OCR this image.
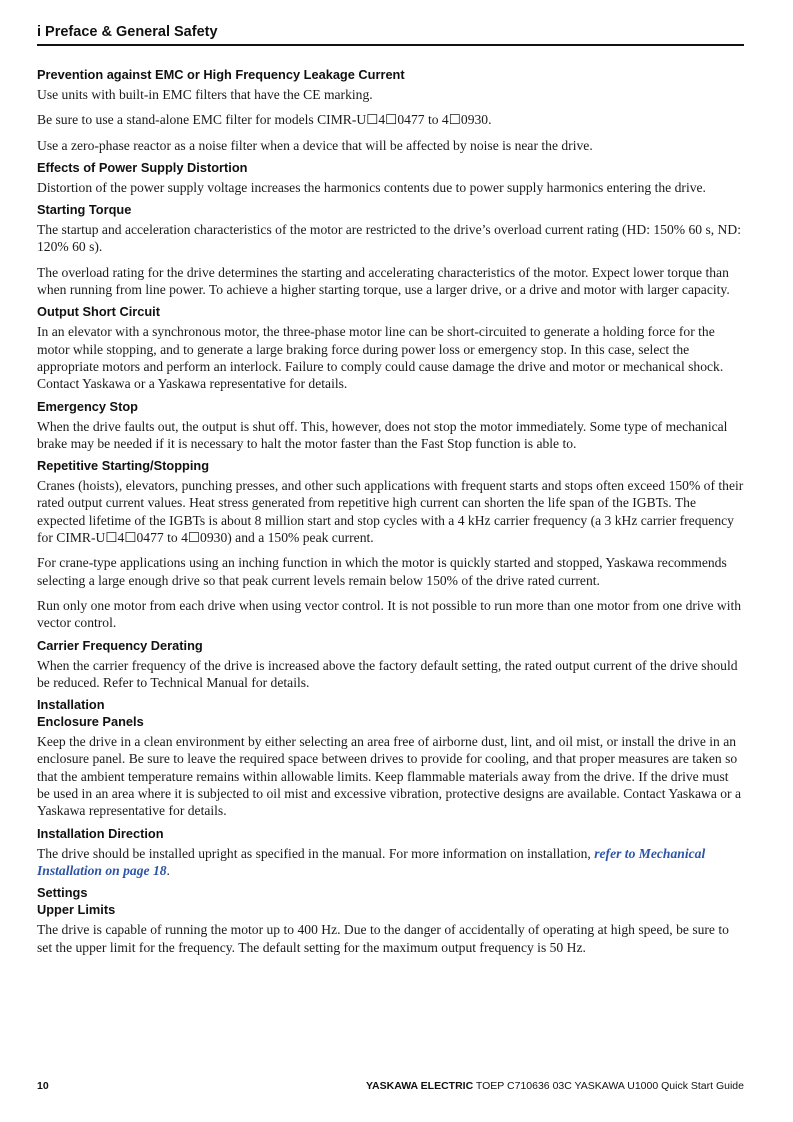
i Preface & General Safety
Prevention against EMC or High Frequency Leakage Current

Use units with built-in EMC filters that have the CE marking.

Be sure to use a stand-alone EMC filter for models CIMR-U☐4☐0477 to 4☐0930.

Use a zero-phase reactor as a noise filter when a device that will be affected by noise is near the drive.

Effects of Power Supply Distortion

Distortion of the power supply voltage increases the harmonics contents due to power supply harmonics entering the drive.

Starting Torque

The startup and acceleration characteristics of the motor are restricted to the drive’s overload current rating (HD: 150% 60 s, ND: 120% 60 s).

The overload rating for the drive determines the starting and accelerating characteristics of the motor. Expect lower torque than when running from line power. To achieve a higher starting torque, use a larger drive, or a drive and motor with larger capacity.

Output Short Circuit

In an elevator with a synchronous motor, the three-phase motor line can be short-circuited to generate a holding force for the motor while stopping, and to generate a large braking force during power loss or emergency stop. In this case, select the appropriate motors and perform an interlock. Failure to comply could cause damage the drive and motor or mechanical shock. Contact Yaskawa or a Yaskawa representative for details.

Emergency Stop

When the drive faults out, the output is shut off. This, however, does not stop the motor immediately. Some type of mechanical brake may be needed if it is necessary to halt the motor faster than the Fast Stop function is able to.

Repetitive Starting/Stopping

Cranes (hoists), elevators, punching presses, and other such applications with frequent starts and stops often exceed 150% of their rated output current values. Heat stress generated from repetitive high current can shorten the life span of the IGBTs. The expected lifetime of the IGBTs is about 8 million start and stop cycles with a 4 kHz carrier frequency (a 3 kHz carrier frequency for CIMR-U☐4☐0477 to 4☐0930) and a 150% peak current.

For crane-type applications using an inching function in which the motor is quickly started and stopped, Yaskawa recommends selecting a large enough drive so that peak current levels remain below 150% of the drive rated current.

Run only one motor from each drive when using vector control. It is not possible to run more than one motor from one drive with vector control.

Carrier Frequency Derating

When the carrier frequency of the drive is increased above the factory default setting, the rated output current of the drive should be reduced. Refer to Technical Manual for details.

Installation
Enclosure Panels

Keep the drive in a clean environment by either selecting an area free of airborne dust, lint, and oil mist, or install the drive in an enclosure panel. Be sure to leave the required space between drives to provide for cooling, and that proper measures are taken so that the ambient temperature remains within allowable limits. Keep flammable materials away from the drive. If the drive must be used in an area where it is subjected to oil mist and excessive vibration, protective designs are available. Contact Yaskawa or a Yaskawa representative for details.

Installation Direction

The drive should be installed upright as specified in the manual. For more information on installation, refer to Mechanical Installation on page 18.

Settings
Upper Limits

The drive is capable of running the motor up to 400 Hz. Due to the danger of accidentally of operating at high speed, be sure to set the upper limit for the frequency. The default setting for the maximum output frequency is 50 Hz.

10	YASKAWA ELECTRIC TOEP C710636 03C YASKAWA U1000 Quick Start Guide
